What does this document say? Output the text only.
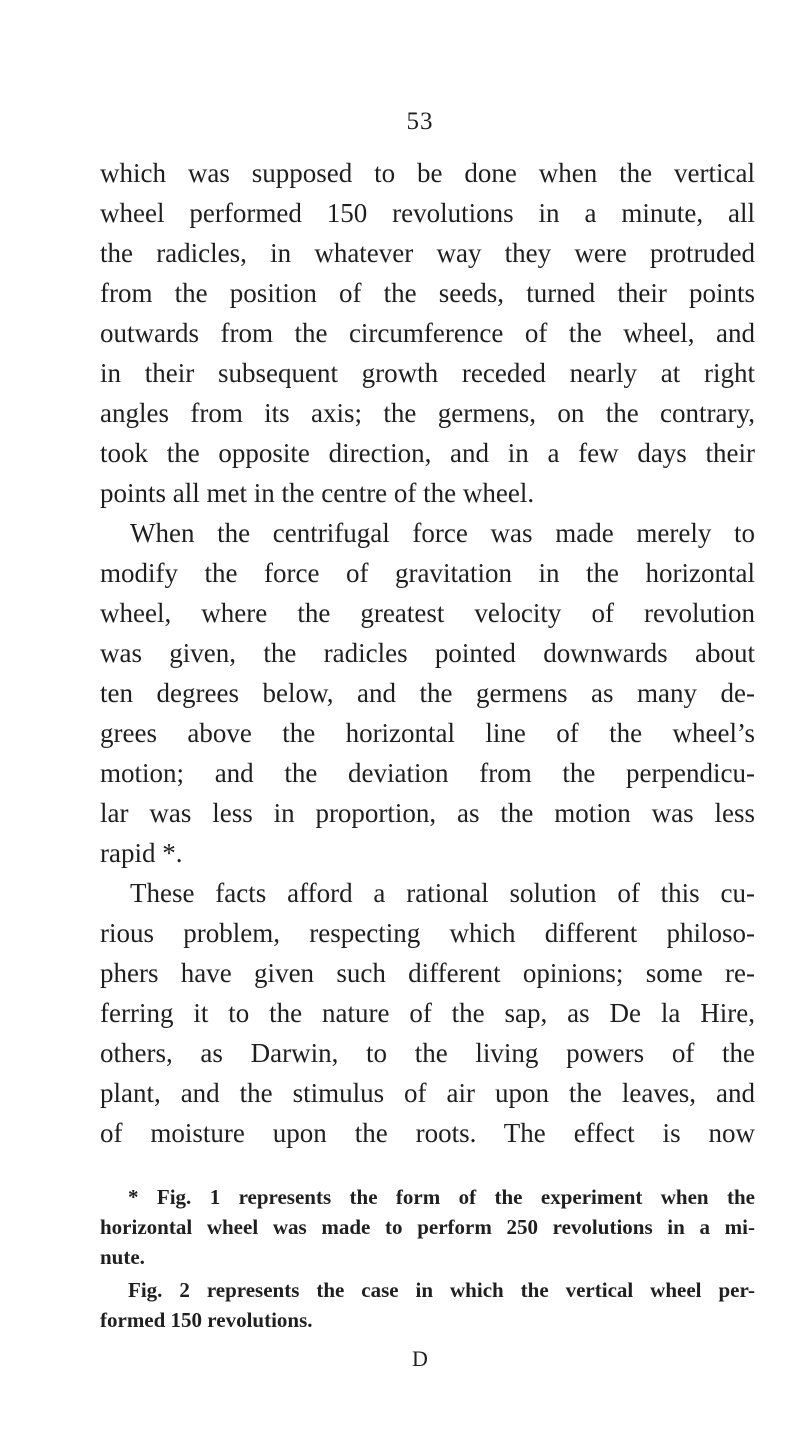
53
which was supposed to be done when the vertical
wheel performed 150 revolutions in a minute, all
the radicles, in whatever way they were protruded
from the position of the seeds, turned their points
outwards from the circumference of the wheel, and
in their subsequent growth receded nearly at right
angles from its axis; the germens, on the contrary,
took the opposite direction, and in a few days their
points all met in the centre of the wheel.
When the centrifugal force was made merely to
modify the force of gravitation in the horizontal
wheel, where the greatest velocity of revolution
was given, the radicles pointed downwards about
ten degrees below, and the germens as many de-
grees above the horizontal line of the wheel’s
motion; and the deviation from the perpendicu-
lar was less in proportion, as the motion was less
rapid *.
These facts afford a rational solution of this cu-
rious problem, respecting which different philoso-
phers have given such different opinions; some re-
ferring it to the nature of the sap, as De la Hire,
others, as Darwin, to the living powers of the
plant, and the stimulus of air upon the leaves, and
of moisture upon the roots. The effect is now
* Fig. 1 represents the form of the experiment when the
horizontal wheel was made to perform 250 revolutions in a mi-
nute.
Fig. 2 represents the case in which the vertical wheel per-
formed 150 revolutions.
D
